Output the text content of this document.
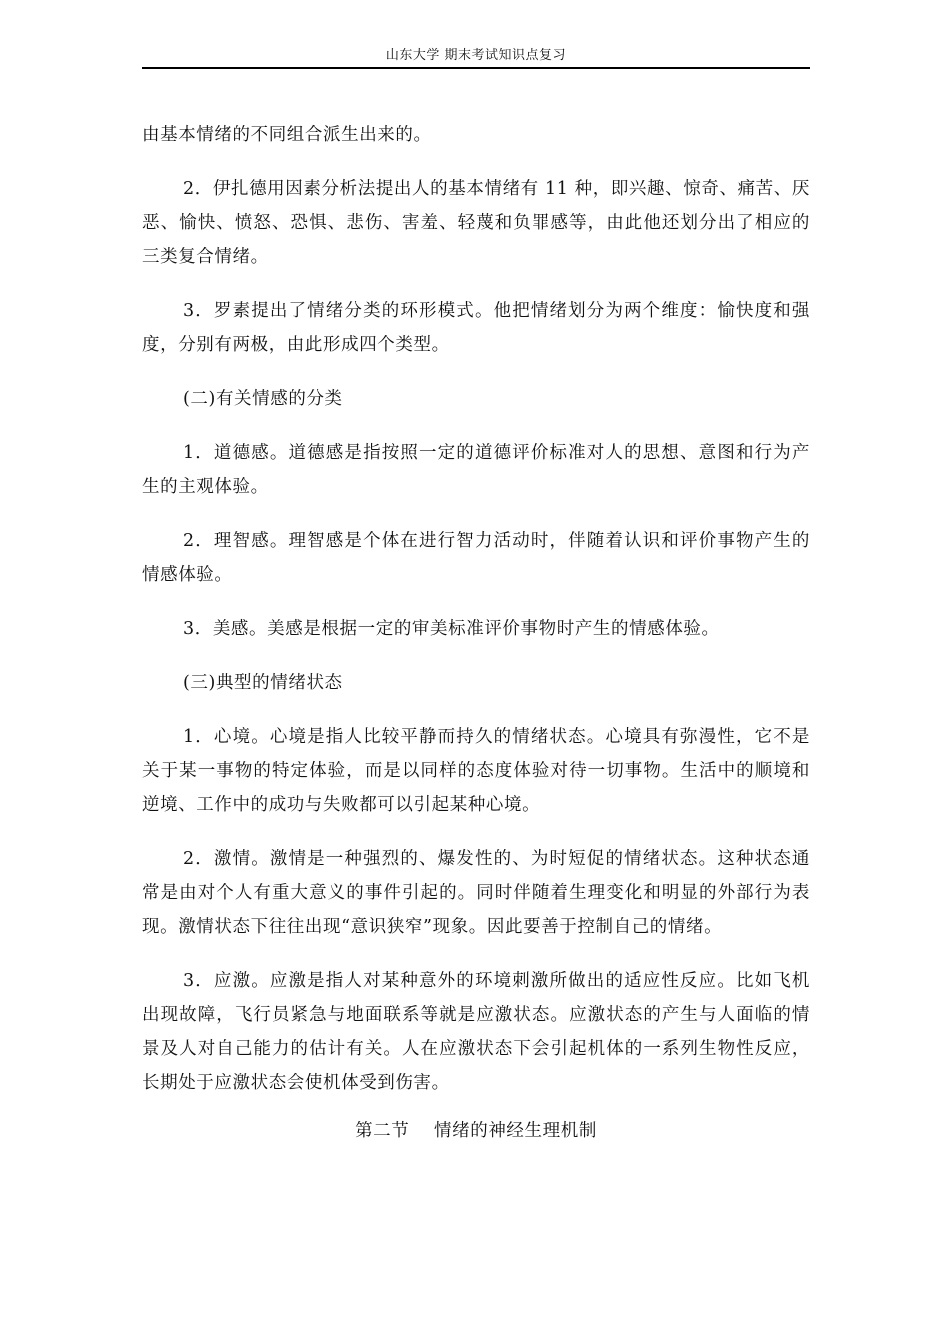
山东大学 期末考试知识点复习

由基本情绪的不同组合派生出来的。

2．伊扎德用因素分析法提出人的基本情绪有 11 种，即兴趣、惊奇、痛苦、厌恶、愉快、愤怒、恐惧、悲伤、害羞、轻蔑和负罪感等，由此他还划分出了相应的三类复合情绪。

3．罗素提出了情绪分类的环形模式。他把情绪划分为两个维度：愉快度和强度，分别有两极，由此形成四个类型。

(二)有关情感的分类

1．道德感。道德感是指按照一定的道德评价标准对人的思想、意图和行为产生的主观体验。

2．理智感。理智感是个体在进行智力活动时，伴随着认识和评价事物产生的情感体验。

3．美感。美感是根据一定的审美标准评价事物时产生的情感体验。

(三)典型的情绪状态

1．心境。心境是指人比较平静而持久的情绪状态。心境具有弥漫性，它不是关于某一事物的特定体验，而是以同样的态度体验对待一切事物。生活中的顺境和逆境、工作中的成功与失败都可以引起某种心境。

2．激情。激情是一种强烈的、爆发性的、为时短促的情绪状态。这种状态通常是由对个人有重大意义的事件引起的。同时伴随着生理变化和明显的外部行为表现。激情状态下往往出现“意识狭窄”现象。因此要善于控制自己的情绪。

3．应激。应激是指人对某种意外的环境刺激所做出的适应性反应。比如飞机出现故障，飞行员紧急与地面联系等就是应激状态。应激状态的产生与人面临的情景及人对自己能力的估计有关。人在应激状态下会引起机体的一系列生物性反应，长期处于应激状态会使机体受到伤害。

第二节    情绪的神经生理机制
